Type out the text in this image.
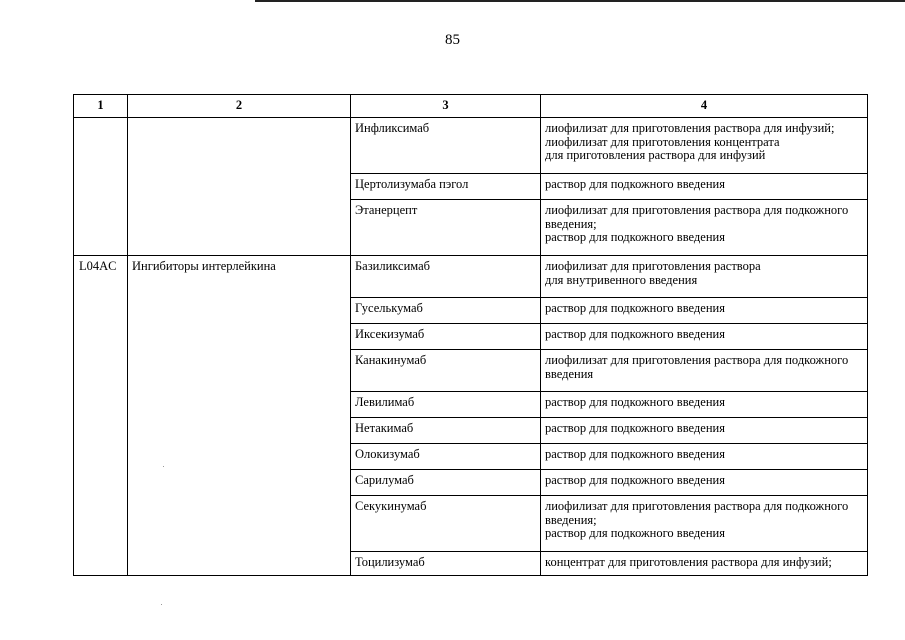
85
1	2	3	4
		Инфликсимаб	лиофилизат для приготовления раствора для инфузий;
лиофилизат для приготовления концентрата
для приготовления раствора для инфузий

		Цертолизумаба пэгол	раствор для подкожного введения

		Этанерцепт	лиофилизат для приготовления раствора для подкожного
введения;
раствор для подкожного введения

L04AC	Ингибиторы интерлейкина	Базиликсимаб	лиофилизат для приготовления раствора
для внутривенного введения

		Гуселькумаб	раствор для подкожного введения

		Иксекизумаб	раствор для подкожного введения

		Канакинумаб	лиофилизат для приготовления раствора для подкожного
введения

		Левилимаб	раствор для подкожного введения

		Нетакимаб	раствор для подкожного введения

		Олокизумаб	раствор для подкожного введения

		Сарилумаб	раствор для подкожного введения

		Секукинумаб	лиофилизат для приготовления раствора для подкожного
введения;
раствор для подкожного введения

		Тоцилизумаб	концентрат для приготовления раствора для инфузий;
